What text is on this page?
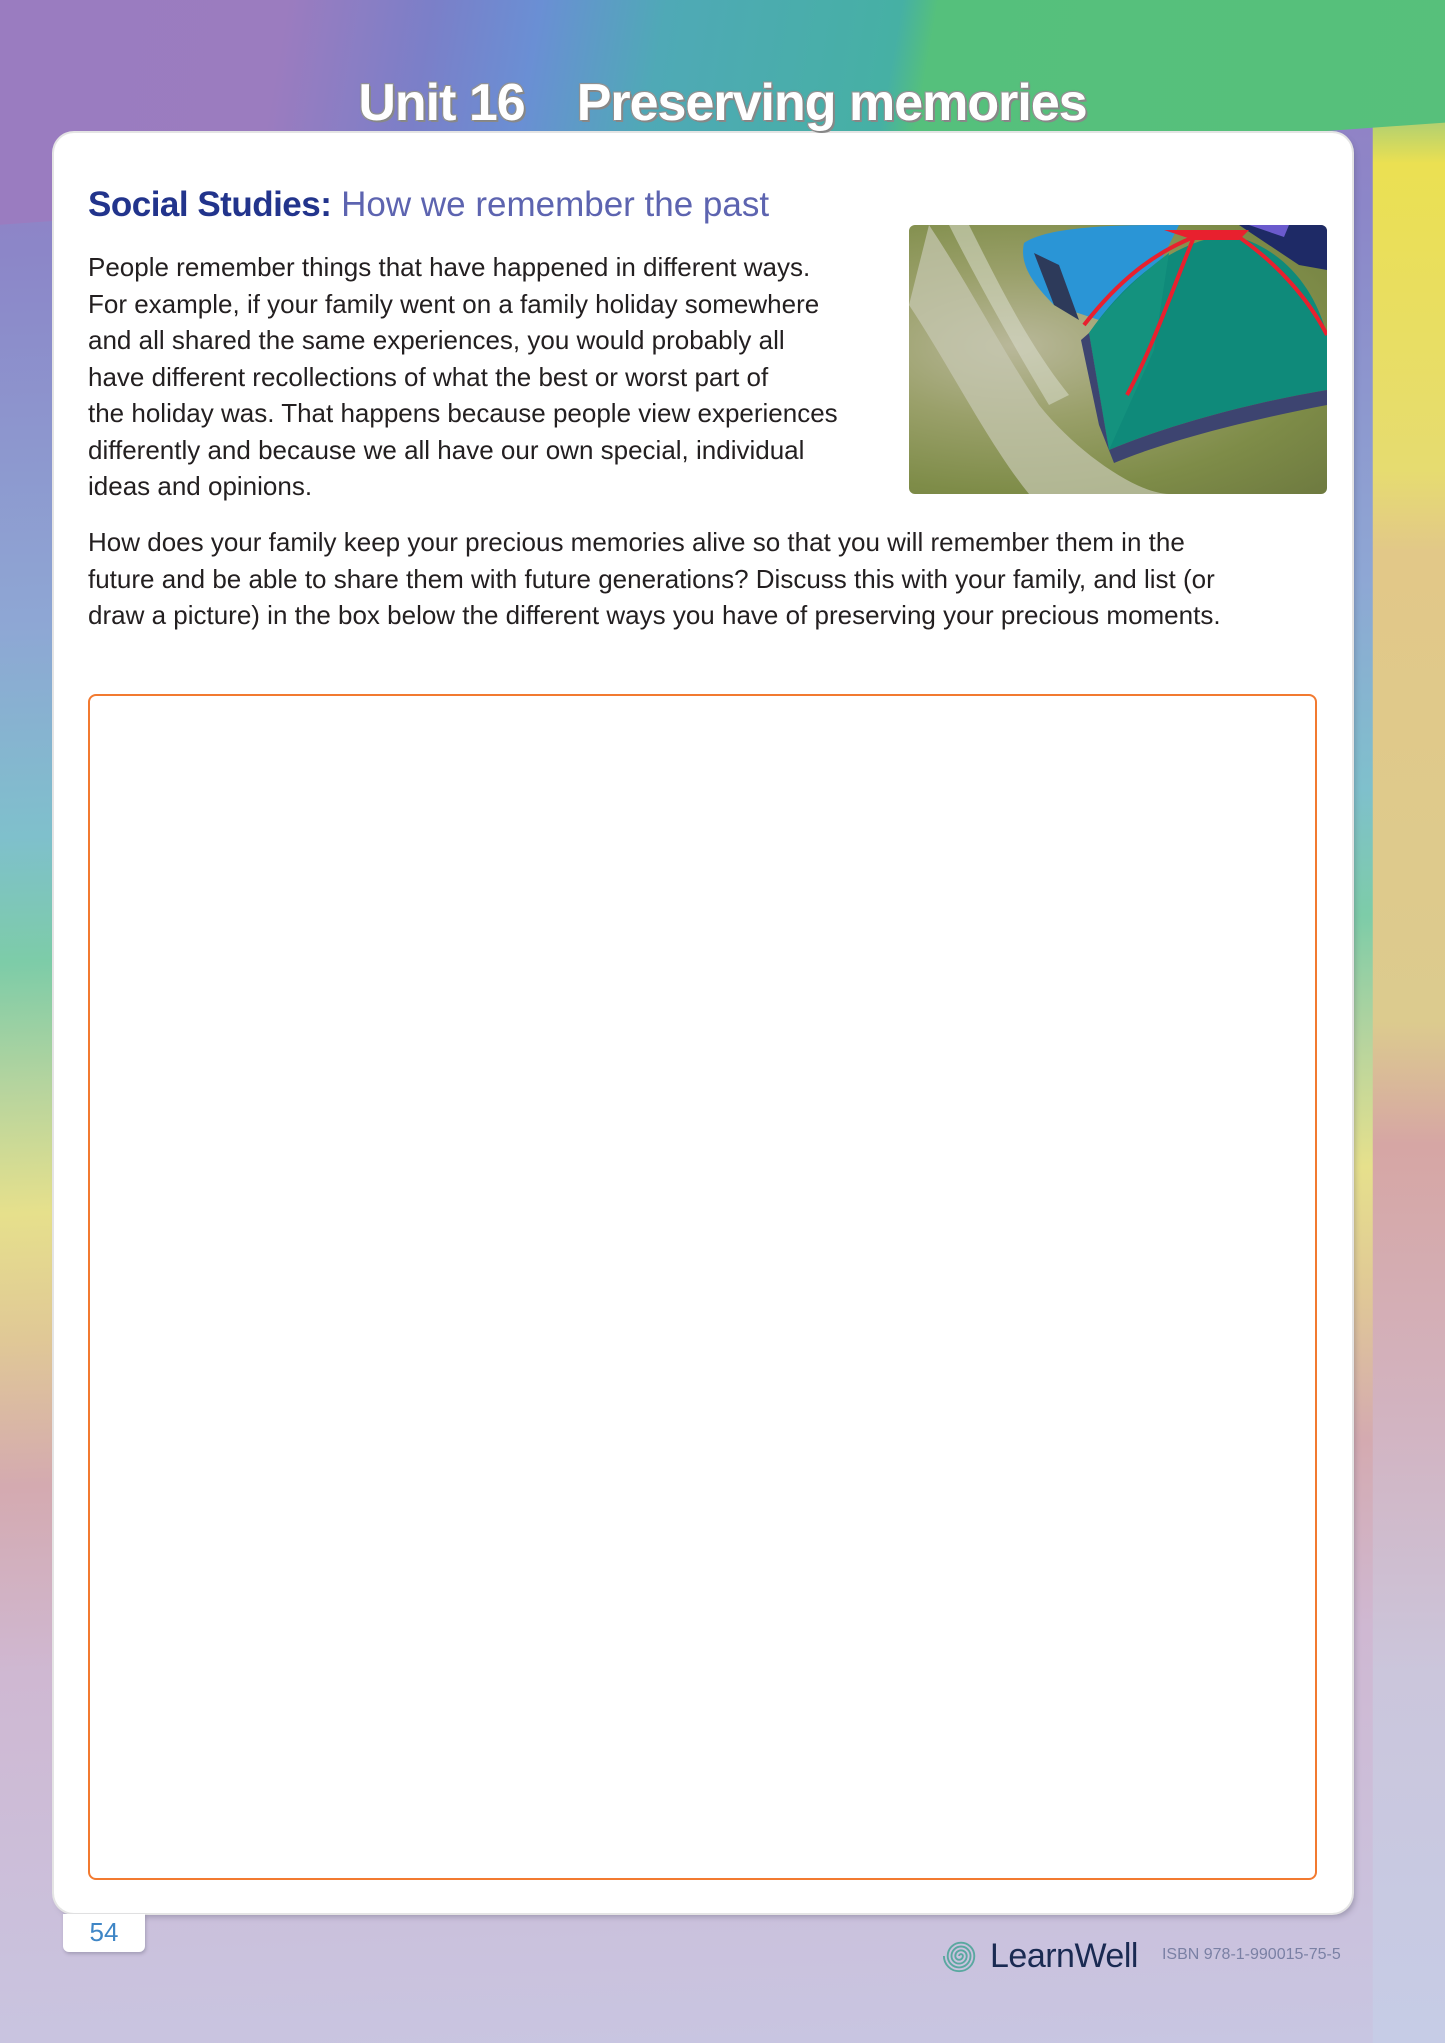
Unit 16 Preserving memories
Social Studies: How we remember the past

People remember things that have happened in different ways.
For example, if your family went on a family holiday somewhere
and all shared the same experiences, you would probably all
have different recollections of what the best or worst part of
the holiday was. That happens because people view experiences
differently and because we all have our own special, individual
ideas and opinions.

How does your family keep your precious memories alive so that you will remember them in the
future and be able to share them with future generations? Discuss this with your family, and list (or
draw a picture) in the box below the different ways you have of preserving your precious moments.

54
LearnWell ISBN 978-1-990015-75-5
